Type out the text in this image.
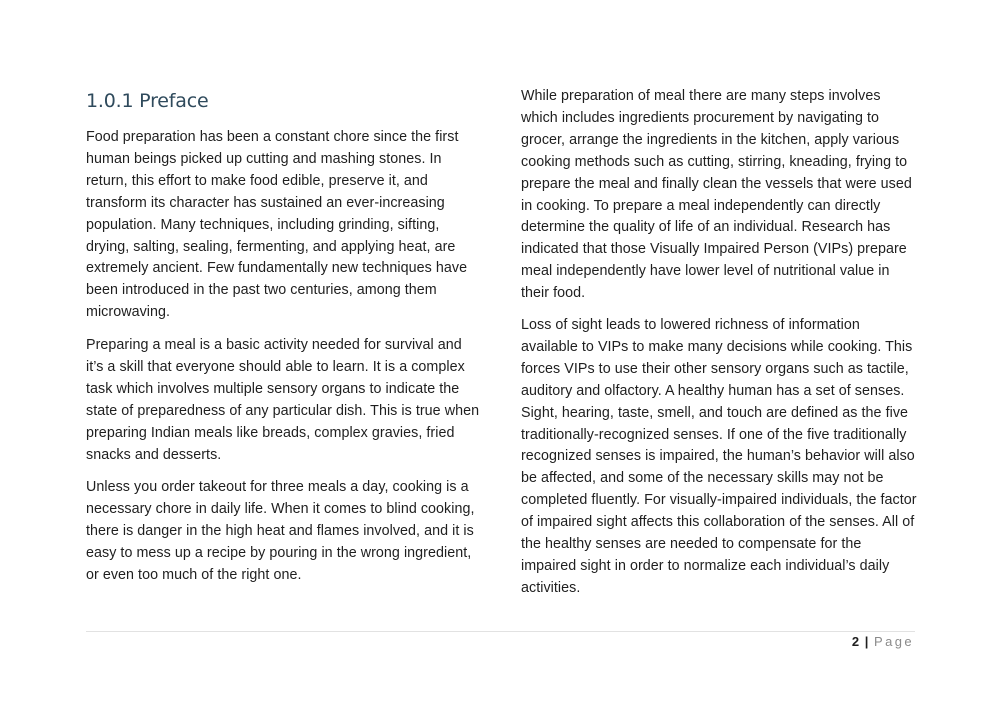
1.0.1 Preface

Food preparation has been a constant chore since the first human beings picked up cutting and mashing stones. In return, this effort to make food edible, preserve it, and transform its character has sustained an ever-increasing population. Many techniques, including grinding, sifting, drying, salting, sealing, fermenting, and applying heat, are extremely ancient. Few fundamentally new techniques have been introduced in the past two centuries, among them microwaving.

Preparing a meal is a basic activity needed for survival and it’s a skill that everyone should able to learn. It is a complex task which involves multiple sensory organs to indicate the state of preparedness of any particular dish. This is true when preparing Indian meals like breads, complex gravies, fried snacks and desserts.

Unless you order takeout for three meals a day, cooking is a necessary chore in daily life. When it comes to blind cooking, there is danger in the high heat and flames involved, and it is easy to mess up a recipe by pouring in the wrong ingredient, or even too much of the right one.

While preparation of meal there are many steps involves which includes ingredients procurement by navigating to grocer, arrange the ingredients in the kitchen, apply various cooking methods such as cutting, stirring, kneading, frying to prepare the meal and finally clean the vessels that were used in cooking. To prepare a meal independently can directly determine the quality of life of an individual. Research has indicated that those Visually Impaired Person (VIPs) prepare meal independently have lower level of nutritional value in their food.

Loss of sight leads to lowered richness of information available to VIPs to make many decisions while cooking. This forces VIPs to use their other sensory organs such as tactile, auditory and olfactory. A healthy human has a set of senses. Sight, hearing, taste, smell, and touch are defined as the five traditionally-recognized senses. If one of the five traditionally recognized senses is impaired, the human’s behavior will also be affected, and some of the necessary skills may not be completed fluently. For visually-impaired individuals, the factor of impaired sight affects this collaboration of the senses. All of the healthy senses are needed to compensate for the impaired sight in order to normalize each individual’s daily activities.

2 | Page
